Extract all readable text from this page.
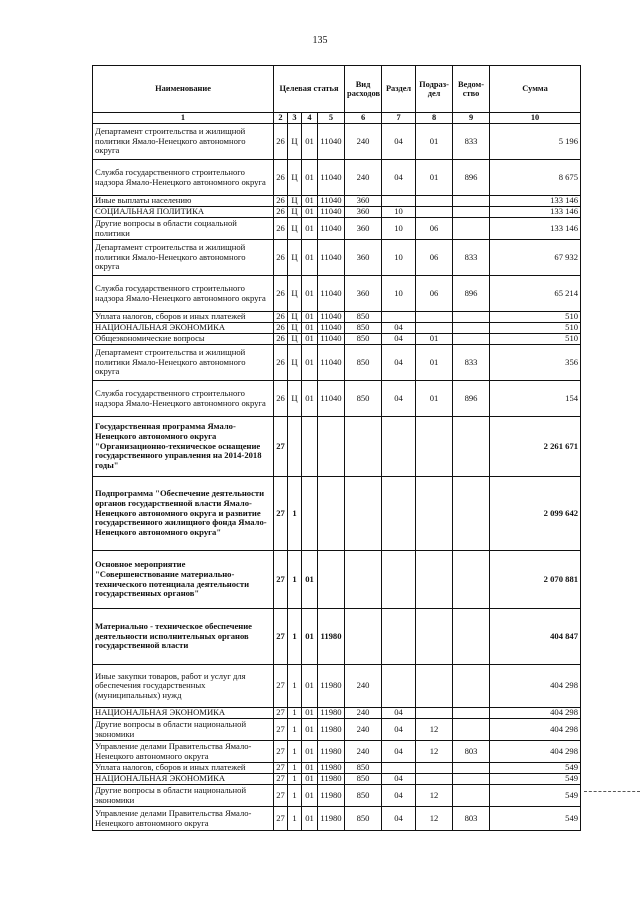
135
Наименование	Целевая статья				Вид расходов	Раздел	Подраз-дел	Ведом-ство	Сумма
1	2	3	4	5	6	7	8	9	10
Департамент строительства и жилищной политики Ямало-Ненецкого автономного округа	26	Ц	01	11040	240	04	01	833	5 196
Служба государственного строительного надзора Ямало-Ненецкого автономного округа	26	Ц	01	11040	240	04	01	896	8 675
Иные выплаты населению	26	Ц	01	11040	360				133 146
СОЦИАЛЬНАЯ ПОЛИТИКА	26	Ц	01	11040	360	10			133 146
Другие вопросы в области социальной политики	26	Ц	01	11040	360	10	06		133 146
Департамент строительства и жилищной политики Ямало-Ненецкого автономного округа	26	Ц	01	11040	360	10	06	833	67 932
Служба государственного строительного надзора Ямало-Ненецкого автономного округа	26	Ц	01	11040	360	10	06	896	65 214
Уплата налогов, сборов и иных платежей	26	Ц	01	11040	850				510
НАЦИОНАЛЬНАЯ ЭКОНОМИКА	26	Ц	01	11040	850	04			510
Общеэкономические вопросы	26	Ц	01	11040	850	04	01		510
Департамент строительства и жилищной политики Ямало-Ненецкого автономного округа	26	Ц	01	11040	850	04	01	833	356
Служба государственного строительного надзора Ямало-Ненецкого автономного округа	26	Ц	01	11040	850	04	01	896	154
Государственная программа Ямало-Ненецкого автономного округа "Организационно-техническое оснащение государственного управления на 2014-2018 годы"	27								2 261 671
Подпрограмма "Обеспечение деятельности органов государственной власти Ямало-Ненецкого автономного округа и развитие государственного жилищного фонда Ямало-Ненецкого автономного округа"	27	1							2 099 642
Основное мероприятие "Совершенствование материально-технического потенциала деятельности государственных органов"	27	1	01						2 070 881
Материально - техническое обеспечение деятельности исполнительных органов государственной власти	27	1	01	11980					404 847
Иные закупки товаров, работ и услуг для обеспечения государственных (муниципальных) нужд	27	1	01	11980	240				404 298
НАЦИОНАЛЬНАЯ ЭКОНОМИКА	27	1	01	11980	240	04			404 298
Другие вопросы в области национальной экономики	27	1	01	11980	240	04	12		404 298
Управление делами Правительства Ямало-Ненецкого автономного округа	27	1	01	11980	240	04	12	803	404 298
Уплата налогов, сборов и иных платежей	27	1	01	11980	850				549
НАЦИОНАЛЬНАЯ ЭКОНОМИКА	27	1	01	11980	850	04			549
Другие вопросы в области национальной экономики	27	1	01	11980	850	04	12		549
Управление делами Правительства Ямало-Ненецкого автономного округа	27	1	01	11980	850	04	12	803	549
